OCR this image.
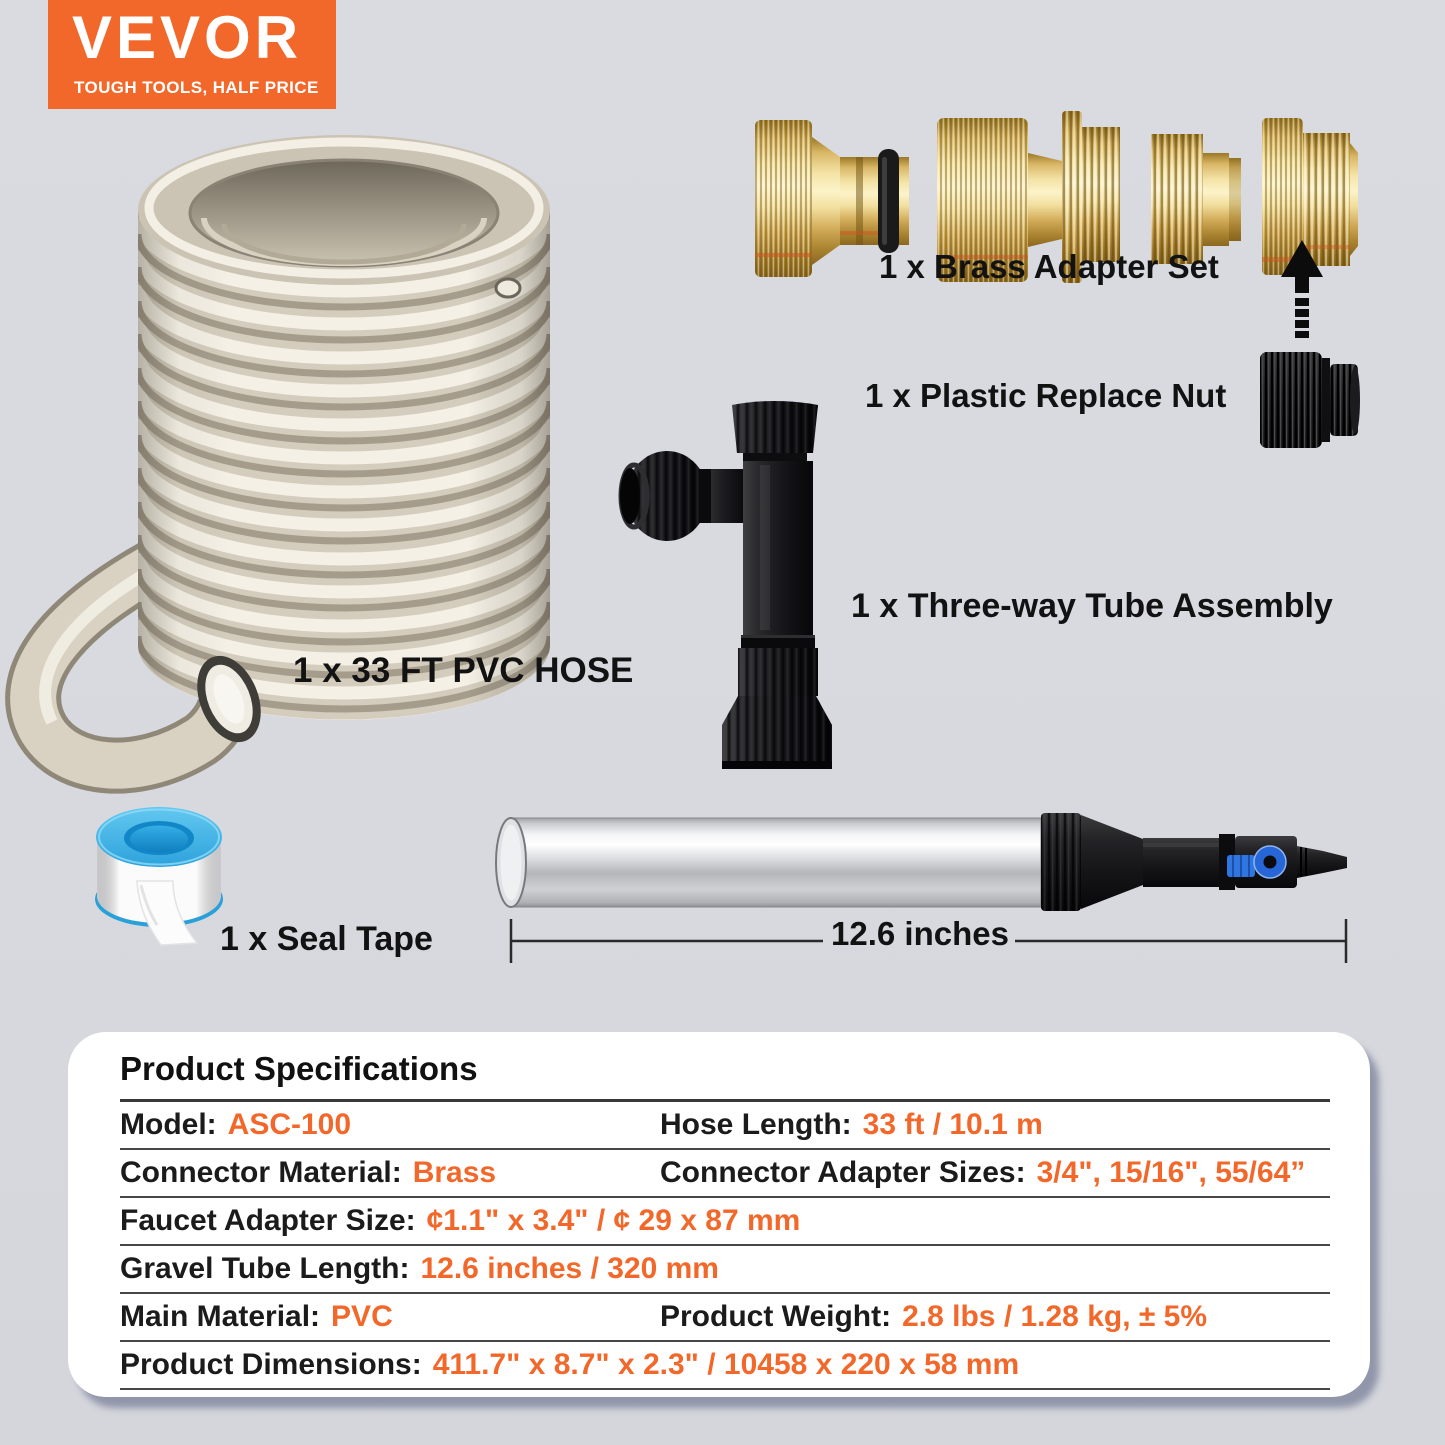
VEVOR
TOUGH TOOLS, HALF PRICE
1 x 33 FT PVC HOSE
1 x Brass Adapter Set
1 x Plastic Replace Nut
1 x Three-way Tube Assembly
1 x Seal Tape	12.6 inches
Product Specifications
Model: ASC-100	Hose Length: 33 ft / 10.1 m
Connector Material: Brass	Connector Adapter Sizes: 3/4", 15/16", 55/64”
Faucet Adapter Size: ¢1.1" x 3.4" / ¢ 29 x 87 mm
Gravel Tube Length: 12.6 inches / 320 mm
Main Material: PVC	Product Weight: 2.8 lbs / 1.28 kg, ± 5%
Product Dimensions: 411.7" x 8.7" x 2.3" / 10458 x 220 x 58 mm
